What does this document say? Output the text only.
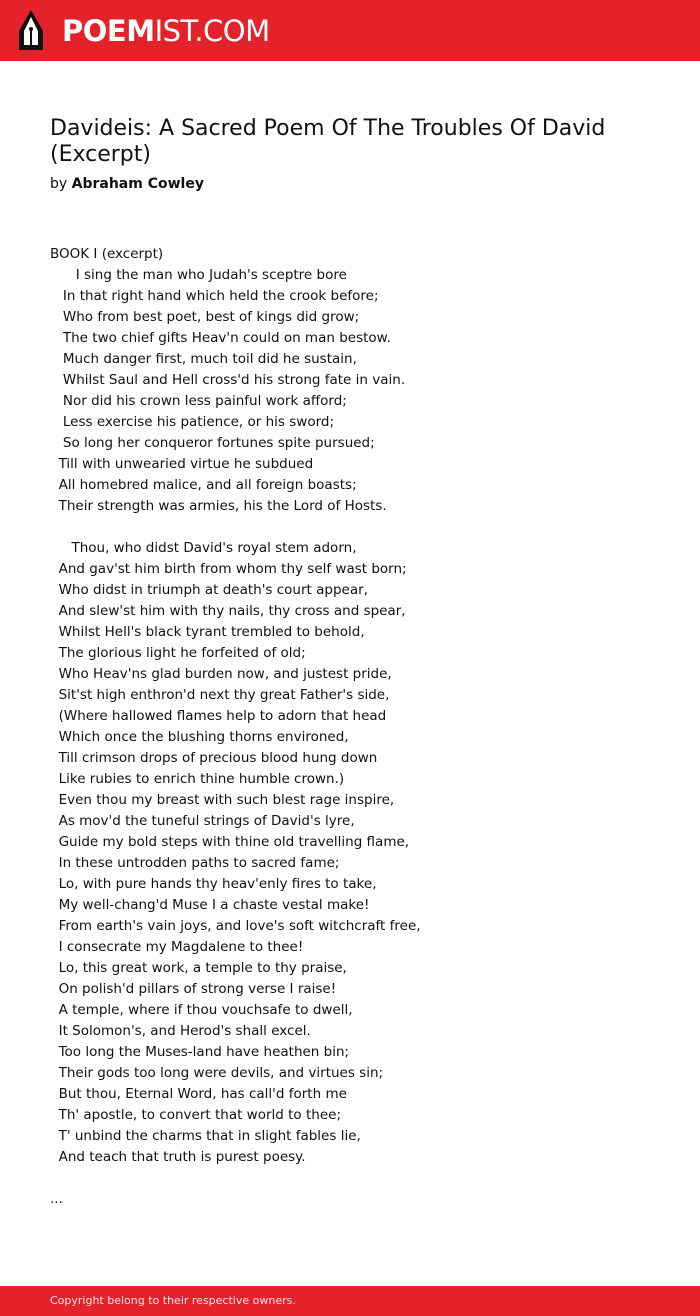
POEMIST.COM
Davideis: A Sacred Poem Of The Troubles Of David (Excerpt)
by Abraham Cowley
BOOK I (excerpt)
I sing the man who Judah's sceptre bore
In that right hand which held the crook before;
Who from best poet, best of kings did grow;
The two chief gifts Heav'n could on man bestow.
Much danger first, much toil did he sustain,
Whilst Saul and Hell cross'd his strong fate in vain.
Nor did his crown less painful work afford;
Less exercise his patience, or his sword;
So long her conqueror fortunes spite pursued;
Till with unwearied virtue he subdued
All homebred malice, and all foreign boasts;
Their strength was armies, his the Lord of Hosts.

Thou, who didst David's royal stem adorn,
And gav'st him birth from whom thy self wast born;
Who didst in triumph at death's court appear,
And slew'st him with thy nails, thy cross and spear,
Whilst Hell's black tyrant trembled to behold,
The glorious light he forfeited of old;
Who Heav'ns glad burden now, and justest pride,
Sit'st high enthron'd next thy great Father's side,
(Where hallowed flames help to adorn that head
Which once the blushing thorns environed,
Till crimson drops of precious blood hung down
Like rubies to enrich thine humble crown.)
Even thou my breast with such blest rage inspire,
As mov'd the tuneful strings of David's lyre,
Guide my bold steps with thine old travelling flame,
In these untrodden paths to sacred fame;
Lo, with pure hands thy heav'enly fires to take,
My well-chang'd Muse I a chaste vestal make!
From earth's vain joys, and love's soft witchcraft free,
I consecrate my Magdalene to thee!
Lo, this great work, a temple to thy praise,
On polish'd pillars of strong verse I raise!
A temple, where if thou vouchsafe to dwell,
It Solomon's, and Herod's shall excel.
Too long the Muses-land have heathen bin;
Their gods too long were devils, and virtues sin;
But thou, Eternal Word, has call'd forth me
Th' apostle, to convert that world to thee;
T' unbind the charms that in slight fables lie,
And teach that truth is purest poesy.

...
Copyright belong to their respective owners.
